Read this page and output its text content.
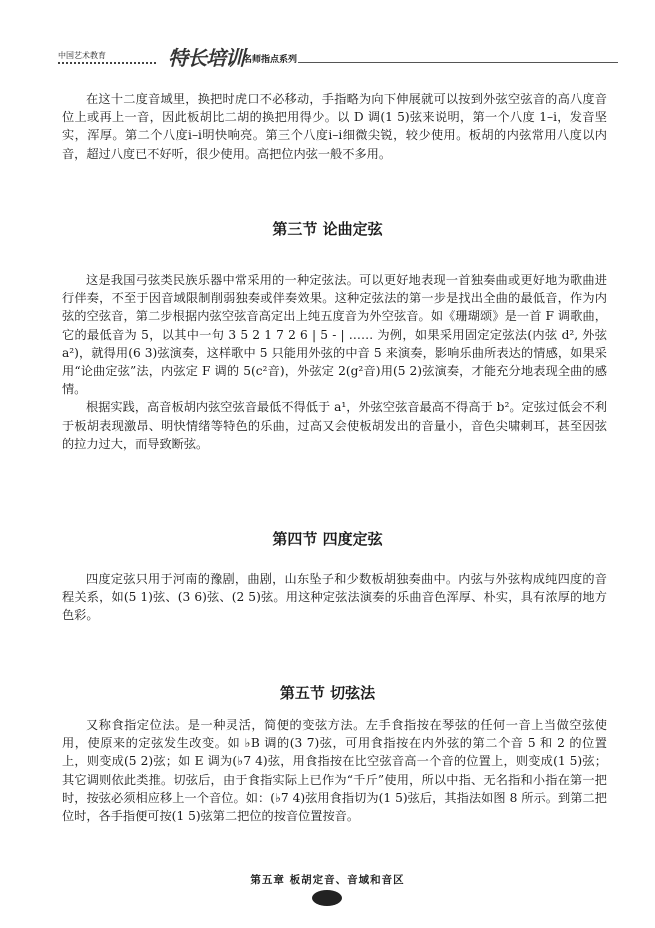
中国艺术教育	特长培训 名师指点系列

在这十二度音域里，换把时虎口不必移动，手指略为向下伸展就可以按到外弦空弦音的高八度音位上或再上一音，因此板胡比二胡的换把用得少。以 D 调(1 5)弦来说明，第一个八度 1–i，发音坚实，浑厚。第二个八度i–i明快响亮。第三个八度i–i细微尖锐，较少使用。板胡的内弦常用八度以内音，超过八度已不好听，很少使用。高把位内弦一般不多用。

第三节 论曲定弦

这是我国弓弦类民族乐器中常采用的一种定弦法。可以更好地表现一首独奏曲或更好地为歌曲进行伴奏，不至于因音域限制削弱独奏或伴奏效果。这种定弦法的第一步是找出全曲的最低音，作为内弦的空弦音，第二步根据内弦空弦音高定出上纯五度音为外空弦音。如《珊瑚颂》是一首 F 调歌曲，它的最低音为 5，以其中一句 3 5 2 1 7 2 6 | 5 - | …… 为例，如果采用固定定弦法(内弦 d², 外弦 a²)，就得用(6 3)弦演奏，这样歌中 5 只能用外弦的中音 5 来演奏，影响乐曲所表达的情感，如果采用“论曲定弦”法，内弦定 F 调的 5(c²音)，外弦定 2(g²音)用(5 2)弦演奏，才能充分地表现全曲的感情。

根据实践，高音板胡内弦空弦音最低不得低于 a¹，外弦空弦音最高不得高于 b²。定弦过低会不利于板胡表现激昂、明快情绪等特色的乐曲，过高又会使板胡发出的音量小，音色尖啸刺耳，甚至因弦的拉力过大，而导致断弦。

第四节 四度定弦

四度定弦只用于河南的豫剧，曲剧，山东坠子和少数板胡独奏曲中。内弦与外弦构成纯四度的音程关系，如(5 1)弦、(3 6)弦、(2 5)弦。用这种定弦法演奏的乐曲音色浑厚、朴实，具有浓厚的地方色彩。

第五节 切弦法

又称食指定位法。是一种灵活，简便的变弦方法。左手食指按在琴弦的任何一音上当做空弦使用，使原来的定弦发生改变。如 ♭B 调的(3 7)弦，可用食指按在内外弦的第二个音 5 和 2 的位置上，则变成(5 2)弦；如 E 调为(♭7 4)弦，用食指按在比空弦音高一个音的位置上，则变成(1 5)弦；其它调则依此类推。切弦后，由于食指实际上已作为“千斤”使用，所以中指、无名指和小指在第一把时，按弦必须相应移上一个音位。如：(♭7 4)弦用食指切为(1 5)弦后，其指法如图 8 所示。到第二把位时，各手指便可按(1 5)弦第二把位的按音位置按音。

第五章 板胡定音、音域和音区
